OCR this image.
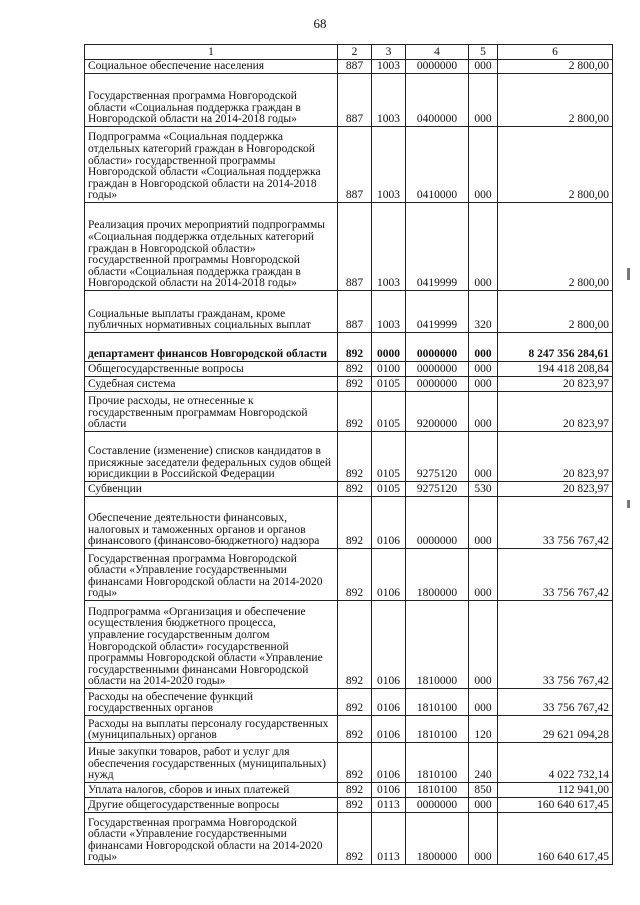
68
1	2	3	4	5	6
Социальное обеспечение населения	887	1003	0000000	000	2 800,00
Государственная программа Новгородской области «Социальная поддержка граждан в Новгородской области на 2014-2018 годы»	887	1003	0400000	000	2 800,00
Подпрограмма «Социальная поддержка отдельных категорий граждан в Новгородской области» государственной программы Новгородской области «Социальная поддержка граждан в Новгородской области на 2014-2018 годы»	887	1003	0410000	000	2 800,00
Реализация прочих мероприятий подпрограммы «Социальная поддержка отдельных категорий граждан в Новгородской области» государственной программы Новгородской области «Социальная поддержка граждан в Новгородской области на 2014-2018 годы»	887	1003	0419999	000	2 800,00
Социальные выплаты гражданам, кроме публичных нормативных социальных выплат	887	1003	0419999	320	2 800,00
департамент финансов Новгородской области	892	0000	0000000	000	8 247 356 284,61
Общегосударственные вопросы	892	0100	0000000	000	194 418 208,84
Судебная система	892	0105	0000000	000	20 823,97
Прочие расходы, не отнесенные к государственным программам Новгородской области	892	0105	9200000	000	20 823,97
Составление (изменение) списков кандидатов в присяжные заседатели федеральных судов общей юрисдикции в Российской Федерации	892	0105	9275120	000	20 823,97
Субвенции	892	0105	9275120	530	20 823,97
Обеспечение деятельности финансовых, налоговых и таможенных органов и органов финансового (финансово-бюджетного) надзора	892	0106	0000000	000	33 756 767,42
Государственная программа Новгородской области «Управление государственными финансами Новгородской области на 2014-2020 годы»	892	0106	1800000	000	33 756 767,42
Подпрограмма «Организация и обеспечение осуществления бюджетного процесса, управление государственным долгом Новгородской области» государственной программы Новгородской области «Управление государственными финансами Новгородской области на 2014-2020 годы»	892	0106	1810000	000	33 756 767,42
Расходы на обеспечение функций государственных органов	892	0106	1810100	000	33 756 767,42
Расходы на выплаты персоналу государственных (муниципальных) органов	892	0106	1810100	120	29 621 094,28
Иные закупки товаров, работ и услуг для обеспечения государственных (муниципальных) нужд	892	0106	1810100	240	4 022 732,14
Уплата налогов, сборов и иных платежей	892	0106	1810100	850	112 941,00
Другие общегосударственные вопросы	892	0113	0000000	000	160 640 617,45
Государственная программа Новгородской области «Управление государственными финансами Новгородской области на 2014-2020 годы»	892	0113	1800000	000	160 640 617,45
